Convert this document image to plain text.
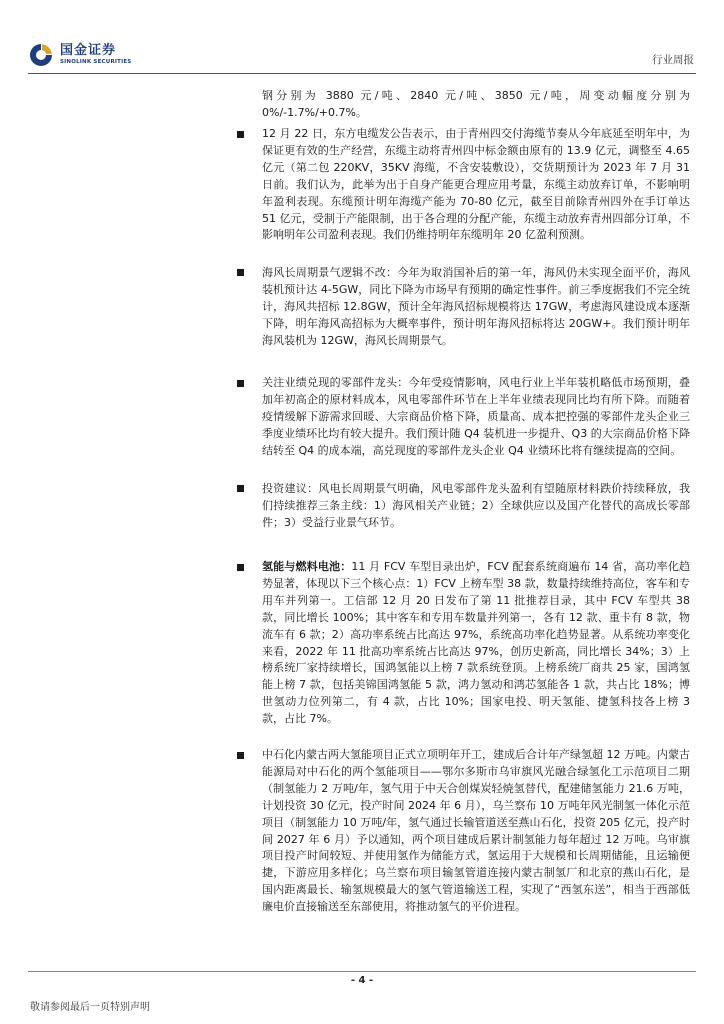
国金证券
SINOLINK SECURITIES	行业周报
钢分别为 3880 元/吨、2840 元/吨、3850 元/吨，周变动幅度分别为 0%/-1.7%/+0.7%。
12 月 22 日，东方电缆发公告表示，由于青州四交付海缆节奏从今年底延至明年中，为保证更有效的生产经营，东缆主动将青州四中标金额由原有的 13.9 亿元，调整至 4.65 亿元（第二包 220KV，35KV 海缆，不含安装敷设），交货期预计为 2023 年 7 月 31 日前。我们认为，此举为出于自身产能更合理应用考量，东缆主动放弃订单，不影响明年盈利表现。东缆预计明年海缆产能为 70-80 亿元，截至目前除青州四外在手订单达 51 亿元，受制于产能限制，出于各合理的分配产能，东缆主动放弃青州四部分订单，不影响明年公司盈利表现。我们仍维持明年东缆明年 20 亿盈利预测。
海风长周期景气逻辑不改：今年为取消国补后的第一年，海风仍未实现全面平价，海风装机预计达 4-5GW，同比下降为市场早有预期的确定性事件。前三季度据我们不完全统计，海风共招标 12.8GW，预计全年海风招标规模将达 17GW，考虑海风建设成本逐渐下降，明年海风高招标为大概率事件，预计明年海风招标将达 20GW+。我们预计明年海风装机为 12GW，海风长周期景气。
关注业绩兑现的零部件龙头：今年受疫情影响，风电行业上半年装机略低市场预期，叠加年初高企的原材料成本，风电零部件环节在上半年业绩表现同比均有所下降。而随着疫情缓解下游需求回暖、大宗商品价格下降，质量高、成本把控强的零部件龙头企业三季度业绩环比均有较大提升。我们预计随 Q4 装机进一步提升、Q3 的大宗商品价格下降结转至 Q4 的成本端，高兑现度的零部件龙头企业 Q4 业绩环比将有继续提高的空间。
投资建议：风电长周期景气明确，风电零部件龙头盈利有望随原材料跌价持续释放，我们持续推荐三条主线：1）海风相关产业链；2）全球供应以及国产化替代的高成长零部件；3）受益行业景气环节。
氢能与燃料电池：11 月 FCV 车型目录出炉，FCV 配套系统商遍布 14 省，高功率化趋势显著，体现以下三个核心点：1）FCV 上榜车型 38 款，数量持续维持高位，客车和专用车并列第一。工信部 12 月 20 日发布了第 11 批推荐目录，其中 FCV 车型共 38 款，同比增长 100%；其中客车和专用车数量并列第一，各有 12 款、重卡有 8 款，物流车有 6 款；2）高功率系统占比高达 97%，系统高功率化趋势显著。从系统功率变化来看，2022 年 11 批高功率系统占比高达 97%，创历史新高，同比增长 34%；3）上榜系统厂家持续增长，国鸿氢能以上榜 7 款系统登顶。上榜系统厂商共 25 家，国鸿氢能上榜 7 款，包括美锦国鸿氢能 5 款，鸿力氢动和鸿芯氢能各 1 款，共占比 18%；博世氢动力位列第二，有 4 款，占比 10%；国家电投、明天氢能、捷氢科技各上榜 3 款，占比 7%。
中石化内蒙古两大氢能项目正式立项明年开工，建成后合计年产绿氢超 12 万吨。内蒙古能源局对中石化的两个氢能项目——鄂尔多斯市乌审旗风光融合绿氢化工示范项目二期（制氢能力 2 万吨/年，氢气用于中天合创煤炭轻焼氢替代，配建储氢能力 21.6 万吨，计划投资 30 亿元，投产时间 2024 年 6 月），乌兰察布 10 万吨年风光制氢一体化示范项目（制氢能力 10 万吨/年，氢气通过长输管道送至燕山石化，投资 205 亿元，投产时间 2027 年 6 月）予以通知，两个项目建成后累计制氢能力每年超过 12 万吨。乌审旗项目投产时间较短、并使用氢作为储能方式，氢运用于大规模和长周期储能，且运输便捷，下游应用多样化；乌兰察布项目输氢管道连接内蒙古制氢厂和北京的燕山石化，是国内距离最长、输氢规模最大的氢气管道输送工程，实现了“西氢东送”，相当于西部低廉电价直接输送至东部使用，将推动氢气的平价进程。
- 4 -
敬请参阅最后一页特别声明
